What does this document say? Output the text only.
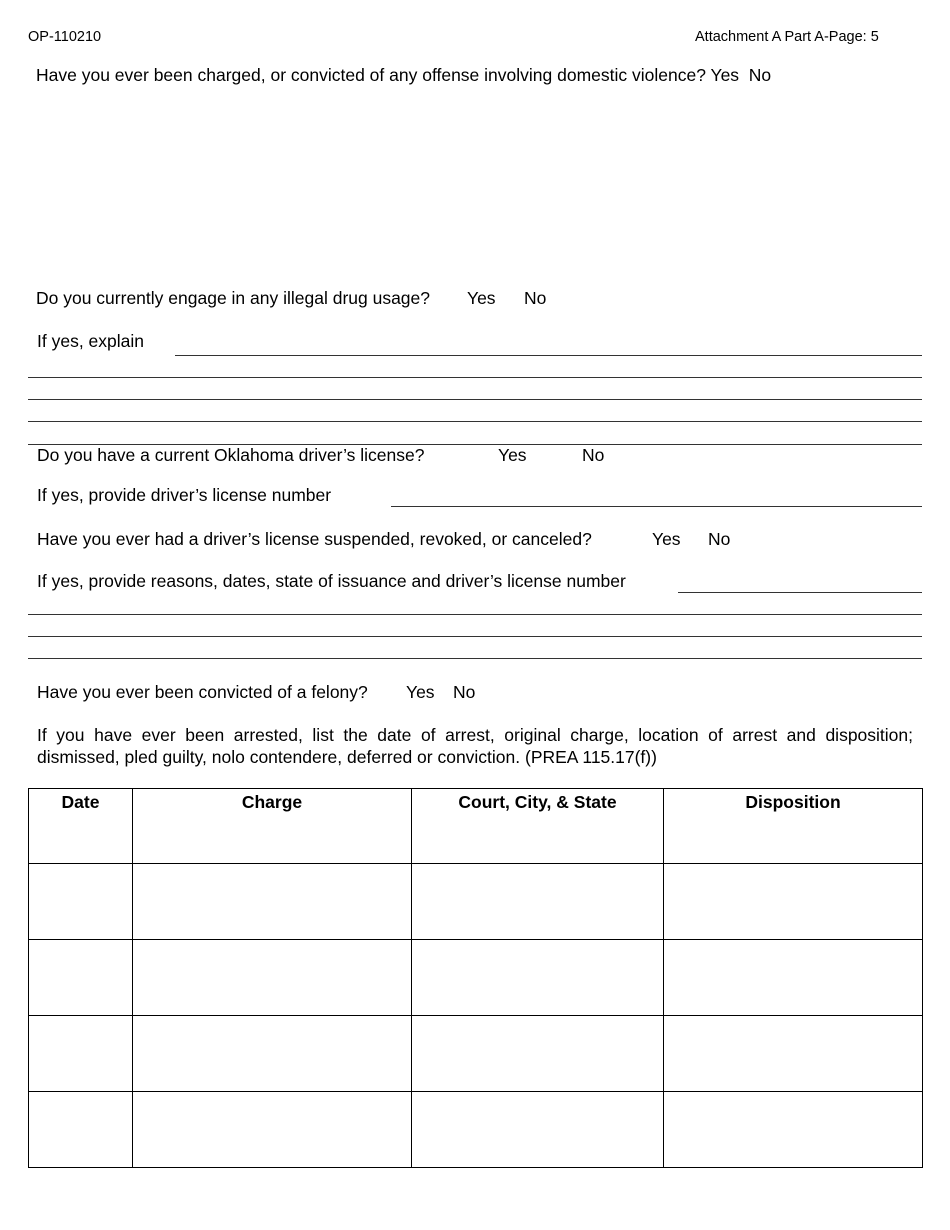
OP-110210	Attachment A Part A-Page: 5
Have you ever been charged, or convicted of any offense involving domestic violence? Yes No
Do you currently engage in any illegal drug usage? Yes No
If yes, explain
Do you have a current Oklahoma driver’s license?	Yes	No
If yes, provide driver’s license number
Have you ever had a driver’s license suspended, revoked, or canceled?	Yes No
If yes, provide reasons, dates, state of issuance and driver’s license number
Have you ever been convicted of a felony? Yes No
If you have ever been arrested, list the date of arrest, original charge, location of arrest and disposition; dismissed, pled guilty, nolo contendere, deferred or conviction. (PREA 115.17(f))
Date	Charge	Court, City, & State	Disposition
